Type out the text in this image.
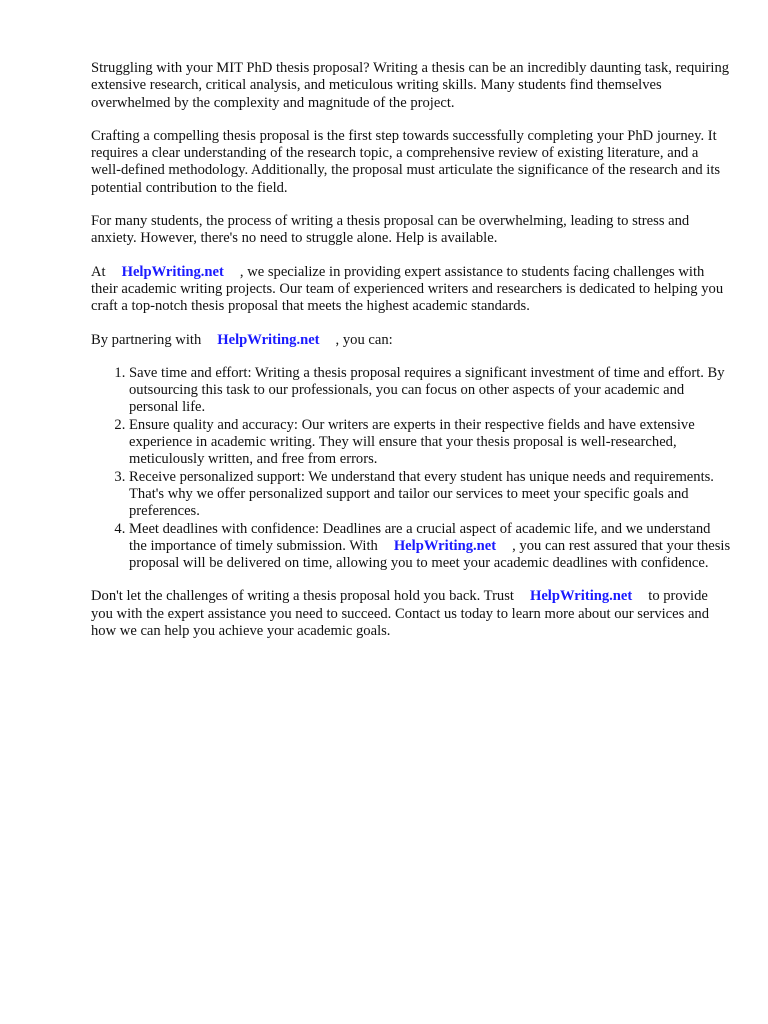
Struggling with your MIT PhD thesis proposal? Writing a thesis can be an incredibly daunting task, requiring extensive research, critical analysis, and meticulous writing skills. Many students find themselves overwhelmed by the complexity and magnitude of the project.

Crafting a compelling thesis proposal is the first step towards successfully completing your PhD journey. It requires a clear understanding of the research topic, a comprehensive review of existing literature, and a well-defined methodology. Additionally, the proposal must articulate the significance of the research and its potential contribution to the field.

For many students, the process of writing a thesis proposal can be overwhelming, leading to stress and anxiety. However, there's no need to struggle alone. Help is available.

At HelpWriting.net , we specialize in providing expert assistance to students facing challenges with their academic writing projects. Our team of experienced writers and researchers is dedicated to helping you craft a top-notch thesis proposal that meets the highest academic standards.

By partnering with HelpWriting.net , you can:

1. Save time and effort: Writing a thesis proposal requires a significant investment of time and effort. By outsourcing this task to our professionals, you can focus on other aspects of your academic and personal life.
2. Ensure quality and accuracy: Our writers are experts in their respective fields and have extensive experience in academic writing. They will ensure that your thesis proposal is well-researched, meticulously written, and free from errors.
3. Receive personalized support: We understand that every student has unique needs and requirements. That's why we offer personalized support and tailor our services to meet your specific goals and preferences.
4. Meet deadlines with confidence: Deadlines are a crucial aspect of academic life, and we understand the importance of timely submission. With HelpWriting.net , you can rest assured that your thesis proposal will be delivered on time, allowing you to meet your academic deadlines with confidence.

Don't let the challenges of writing a thesis proposal hold you back. Trust HelpWriting.net to provide you with the expert assistance you need to succeed. Contact us today to learn more about our services and how we can help you achieve your academic goals.
